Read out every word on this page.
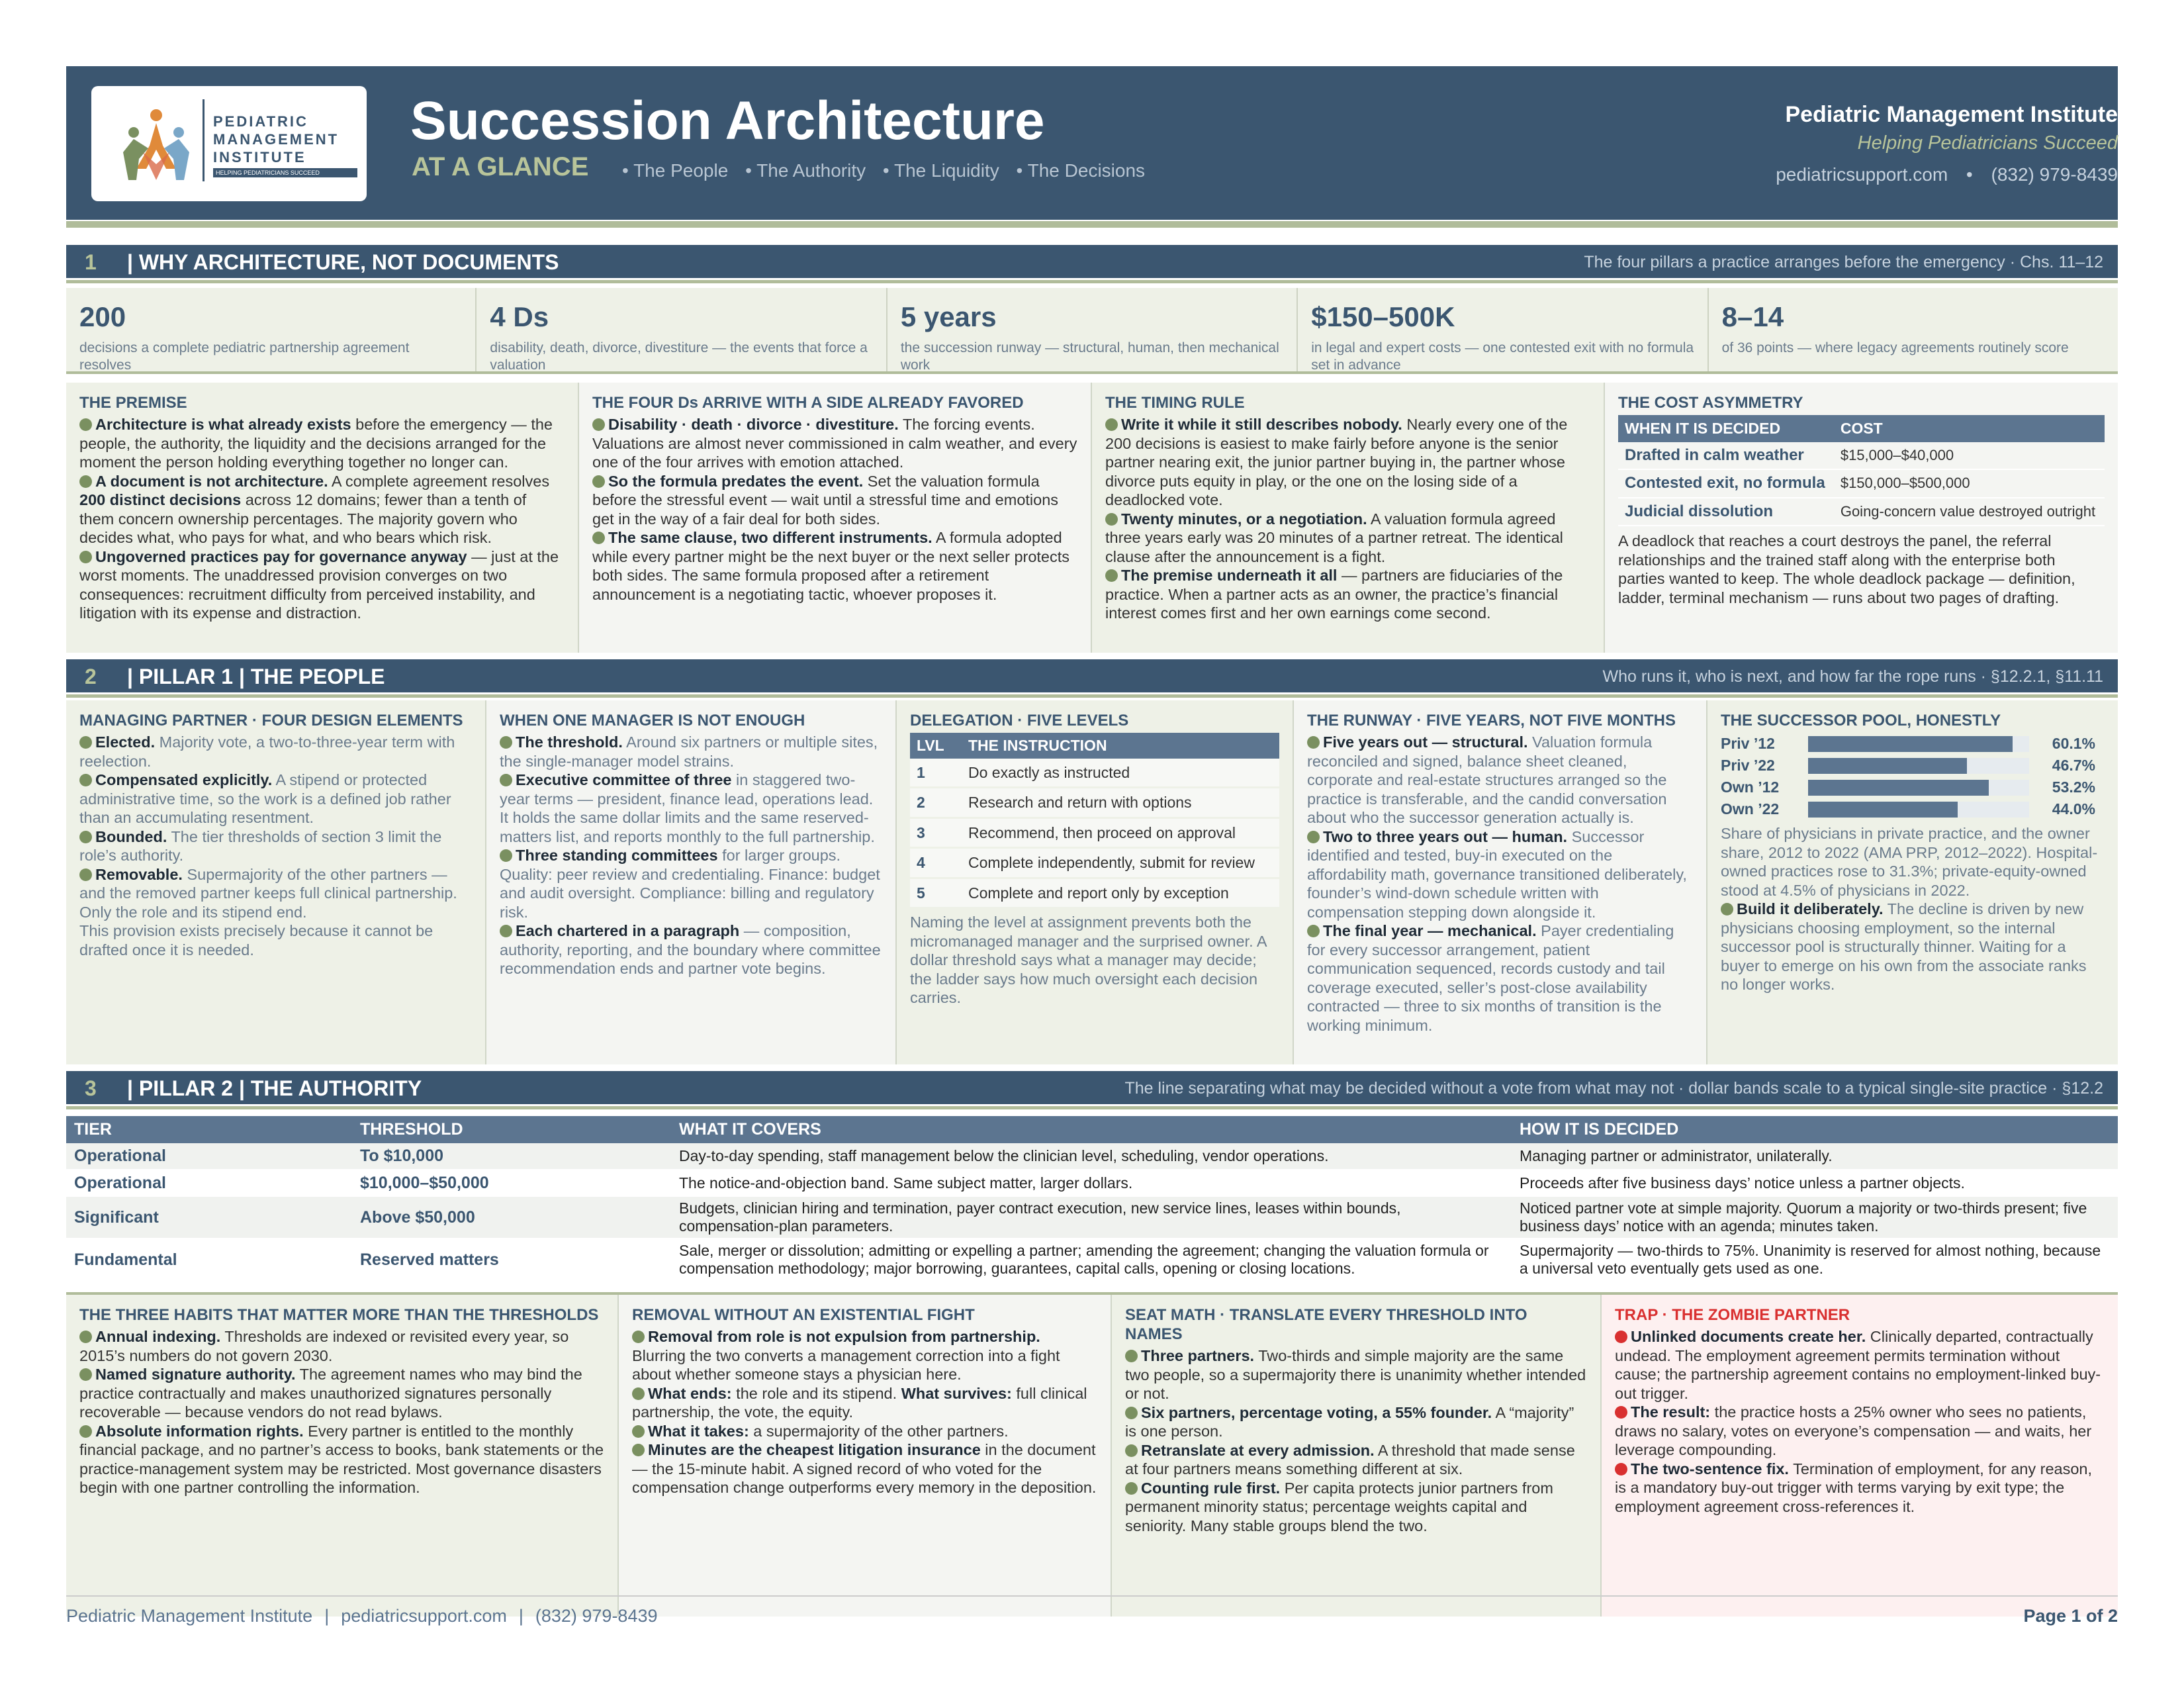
PEDIATRIC
MANAGEMENT
INSTITUTE
HELPING PEDIATRICIANS SUCCEED
Succession Architecture
AT A GLANCE • The People • The Authority • The Liquidity • The Decisions
Pediatric Management Institute
Helping Pediatricians Succeed
pediatricsupport.com • (832) 979-8439
1 | WHY ARCHITECTURE, NOT DOCUMENTS	The four pillars a practice arranges before the emergency · Chs. 11–12
200
decisions a complete pediatric partnership agreement resolves
4 Ds
disability, death, divorce, divestiture — the events that force a valuation
5 years
the succession runway — structural, human, then mechanical work
$150–500K
in legal and expert costs — one contested exit with no formula set in advance
8–14
of 36 points — where legacy agreements routinely score
THE PREMISE

Architecture is what already exists before the emergency — the people, the authority, the liquidity and the decisions arranged for the moment the person holding everything together no longer can.
A document is not architecture. A complete agreement resolves 200 distinct decisions across 12 domains; fewer than a tenth of them concern ownership percentages. The majority govern who decides what, who pays for what, and who bears which risk.
Ungoverned practices pay for governance anyway — just at the worst moments. The unaddressed provision converges on two consequences: recruitment difficulty from perceived instability, and litigation with its expense and distraction.

THE FOUR Ds ARRIVE WITH A SIDE ALREADY FAVORED

Disability · death · divorce · divestiture. The forcing events. Valuations are almost never commissioned in calm weather, and every one of the four arrives with emotion attached.
So the formula predates the event. Set the valuation formula before the stressful event — wait until a stressful time and emotions get in the way of a fair deal for both sides.
The same clause, two different instruments. A formula adopted while every partner might be the next buyer or the next seller protects both sides. The same formula proposed after a retirement announcement is a negotiating tactic, whoever proposes it.

THE TIMING RULE

Write it while it still describes nobody. Nearly every one of the 200 decisions is easiest to make fairly before anyone is the senior partner nearing exit, the junior partner buying in, the partner whose divorce puts equity in play, or the one on the losing side of a deadlocked vote.
Twenty minutes, or a negotiation. A valuation formula agreed three years early was 20 minutes of a partner retreat. The identical clause after the announcement is a fight.
The premise underneath it all — partners are fiduciaries of the practice. When a partner acts as an owner, the practice’s financial interest comes first and her own earnings come second.

THE COST ASYMMETRY
WHEN IT IS DECIDED	COST
Drafted in calm weather	$15,000–$40,000
Contested exit, no formula	$150,000–$500,000
Judicial dissolution	Going-concern value destroyed outright

A deadlock that reaches a court destroys the panel, the referral relationships and the trained staff along with the enterprise both parties wanted to keep. The whole deadlock package — definition, ladder, terminal mechanism — runs about two pages of drafting.

2 | PILLAR 1 | THE PEOPLE	Who runs it, who is next, and how far the rope runs · §12.2.1, §11.11
MANAGING PARTNER · FOUR DESIGN ELEMENTS

Elected. Majority vote, a two-to-three-year term with reelection.
Compensated explicitly. A stipend or protected administrative time, so the work is a defined job rather than an accumulating resentment.
Bounded. The tier thresholds of section 3 limit the role’s authority.
Removable. Supermajority of the other partners — and the removed partner keeps full clinical partnership. Only the role and its stipend end.
This provision exists precisely because it cannot be drafted once it is needed.

WHEN ONE MANAGER IS NOT ENOUGH

The threshold. Around six partners or multiple sites, the single-manager model strains.
Executive committee of three in staggered two-year terms — president, finance lead, operations lead. It holds the same dollar limits and the same reserved-matters list, and reports monthly to the full partnership.
Three standing committees for larger groups. Quality: peer review and credentialing. Finance: budget and audit oversight. Compliance: billing and regulatory risk.
Each chartered in a paragraph — composition, authority, reporting, and the boundary where committee recommendation ends and partner vote begins.

DELEGATION · FIVE LEVELS
LVL	THE INSTRUCTION
1	Do exactly as instructed
2	Research and return with options
3	Recommend, then proceed on approval
4	Complete independently, submit for review
5	Complete and report only by exception

Naming the level at assignment prevents both the micromanaged manager and the surprised owner. A dollar threshold says what a manager may decide; the ladder says how much oversight each decision carries.

THE RUNWAY · FIVE YEARS, NOT FIVE MONTHS

Five years out — structural. Valuation formula reconciled and signed, balance sheet cleaned, corporate and real-estate structures arranged so the practice is transferable, and the candid conversation about who the successor generation actually is.
Two to three years out — human. Successor identified and tested, buy-in executed on the affordability math, governance transitioned deliberately, founder’s wind-down schedule written with compensation stepping down alongside it.
The final year — mechanical. Payer credentialing for every successor arrangement, patient communication sequenced, records custody and tail coverage executed, seller’s post-close availability contracted — three to six months of transition is the working minimum.

THE SUCCESSOR POOL, HONESTLY
Priv ’12	60.1%
Priv ’22	46.7%
Own ’12	53.2%
Own ’22	44.0%

Share of physicians in private practice, and the owner share, 2012 to 2022 (AMA PRP, 2012–2022). Hospital-owned practices rose to 31.3%; private-equity-owned stood at 4.5% of physicians in 2022.

Build it deliberately. The decline is driven by new physicians choosing employment, so the internal successor pool is structurally thinner. Waiting for a buyer to emerge on his own from the associate ranks no longer works.

3 | PILLAR 2 | THE AUTHORITY	The line separating what may be decided without a vote from what may not · dollar bands scale to a typical single-site practice · §12.2
TIER	THRESHOLD	WHAT IT COVERS	HOW IT IS DECIDED
Operational	To $10,000	Day-to-day spending, staff management below the clinician level, scheduling, vendor operations.	Managing partner or administrator, unilaterally.
Operational	$10,000–$50,000	The notice-and-objection band. Same subject matter, larger dollars.	Proceeds after five business days’ notice unless a partner objects.
Significant	Above $50,000	Budgets, clinician hiring and termination, payer contract execution, new service lines, leases within bounds, compensation-plan parameters.	Noticed partner vote at simple majority. Quorum a majority or two-thirds present; five business days’ notice with an agenda; minutes taken.
Fundamental	Reserved matters	Sale, merger or dissolution; admitting or expelling a partner; amending the agreement; changing the valuation formula or compensation methodology; major borrowing, guarantees, capital calls, opening or closing locations.	Supermajority — two-thirds to 75%. Unanimity is reserved for almost nothing, because a universal veto eventually gets used as one.
THE THREE HABITS THAT MATTER MORE THAN THE THRESHOLDS

Annual indexing. Thresholds are indexed or revisited every year, so 2015’s numbers do not govern 2030.
Named signature authority. The agreement names who may bind the practice contractually and makes unauthorized signatures personally recoverable — because vendors do not read bylaws.
Absolute information rights. Every partner is entitled to the monthly financial package, and no partner’s access to books, bank statements or the practice-management system may be restricted. Most governance disasters begin with one partner controlling the information.

REMOVAL WITHOUT AN EXISTENTIAL FIGHT

Removal from role is not expulsion from partnership. Blurring the two converts a management correction into a fight about whether someone stays a physician here.
What ends: the role and its stipend. What survives: full clinical partnership, the vote, the equity.
What it takes: a supermajority of the other partners.
Minutes are the cheapest litigation insurance in the document — the 15-minute habit. A signed record of who voted for the compensation change outperforms every memory in the deposition.

SEAT MATH · TRANSLATE EVERY THRESHOLD INTO NAMES

Three partners. Two-thirds and simple majority are the same two people, so a supermajority there is unanimity whether intended or not.
Six partners, percentage voting, a 55% founder. A “majority” is one person.
Retranslate at every admission. A threshold that made sense at four partners means something different at six.
Counting rule first. Per capita protects junior partners from permanent minority status; percentage weights capital and seniority. Many stable groups blend the two.

TRAP · THE ZOMBIE PARTNER

Unlinked documents create her. Clinically departed, contractually undead. The employment agreement permits termination without cause; the partnership agreement contains no employment-linked buy-out trigger.
The result: the practice hosts a 25% owner who sees no patients, draws no salary, votes on everyone’s compensation — and waits, her leverage compounding.
The two-sentence fix. Termination of employment, for any reason, is a mandatory buy-out trigger with terms varying by exit type; the employment agreement cross-references it.

Pediatric Management Institute | pediatricsupport.com | (832) 979-8439	Page 1 of 2
